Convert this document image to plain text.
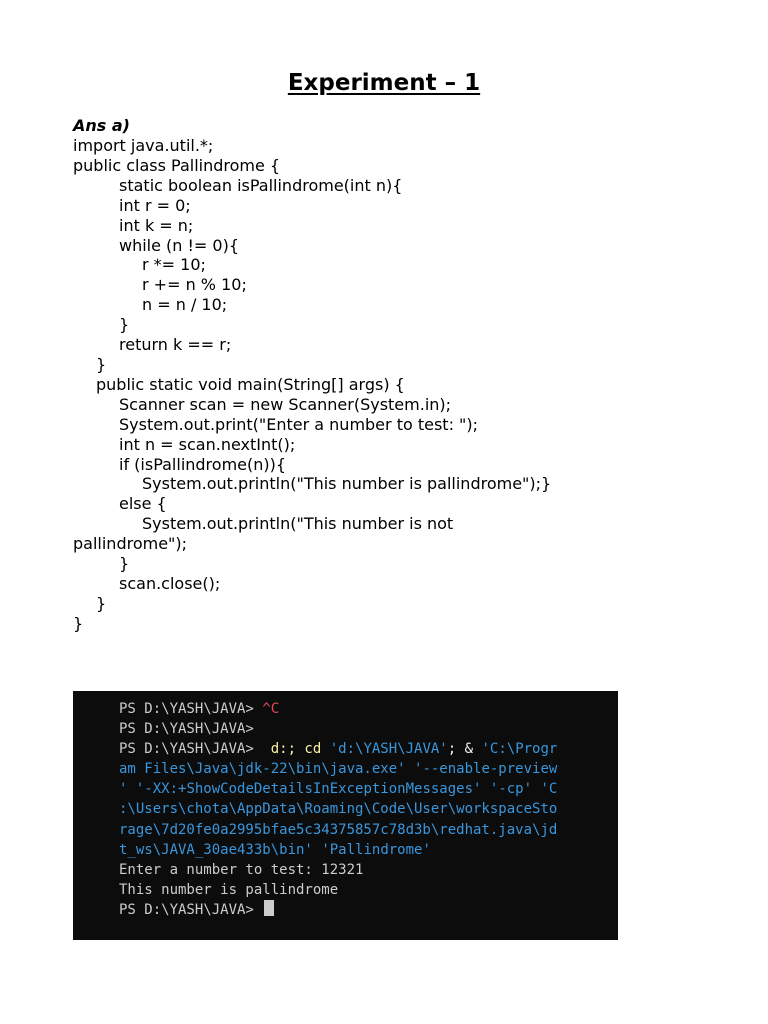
Experiment – 1
Ans a)
import java.util.*;
public class Pallindrome {
static boolean isPallindrome(int n){
int r = 0;
int k = n;
while (n != 0){
r *= 10;
r += n % 10;
n = n / 10;
}
return k == r;
}
public static void main(String[] args) {
Scanner scan = new Scanner(System.in);
System.out.print("Enter a number to test: ");
int n = scan.nextInt();
if (isPallindrome(n)){
System.out.println("This number is pallindrome");}
else {
System.out.println("This number is not
pallindrome");
}
scan.close();
}
}
PS D:\YASH\JAVA> ^C
PS D:\YASH\JAVA>
PS D:\YASH\JAVA> d:; cd 'd:\YASH\JAVA'; & 'C:\Progr
am Files\Java\jdk-22\bin\java.exe' '--enable-preview
' '-XX:+ShowCodeDetailsInExceptionMessages' '-cp' 'C
:\Users\chota\AppData\Roaming\Code\User\workspaceSto
rage\7d20fe0a2995bfae5c34375857c78d3b\redhat.java\jd
t_ws\JAVA_30ae433b\bin' 'Pallindrome'
Enter a number to test: 12321
This number is pallindrome
PS D:\YASH\JAVA>
